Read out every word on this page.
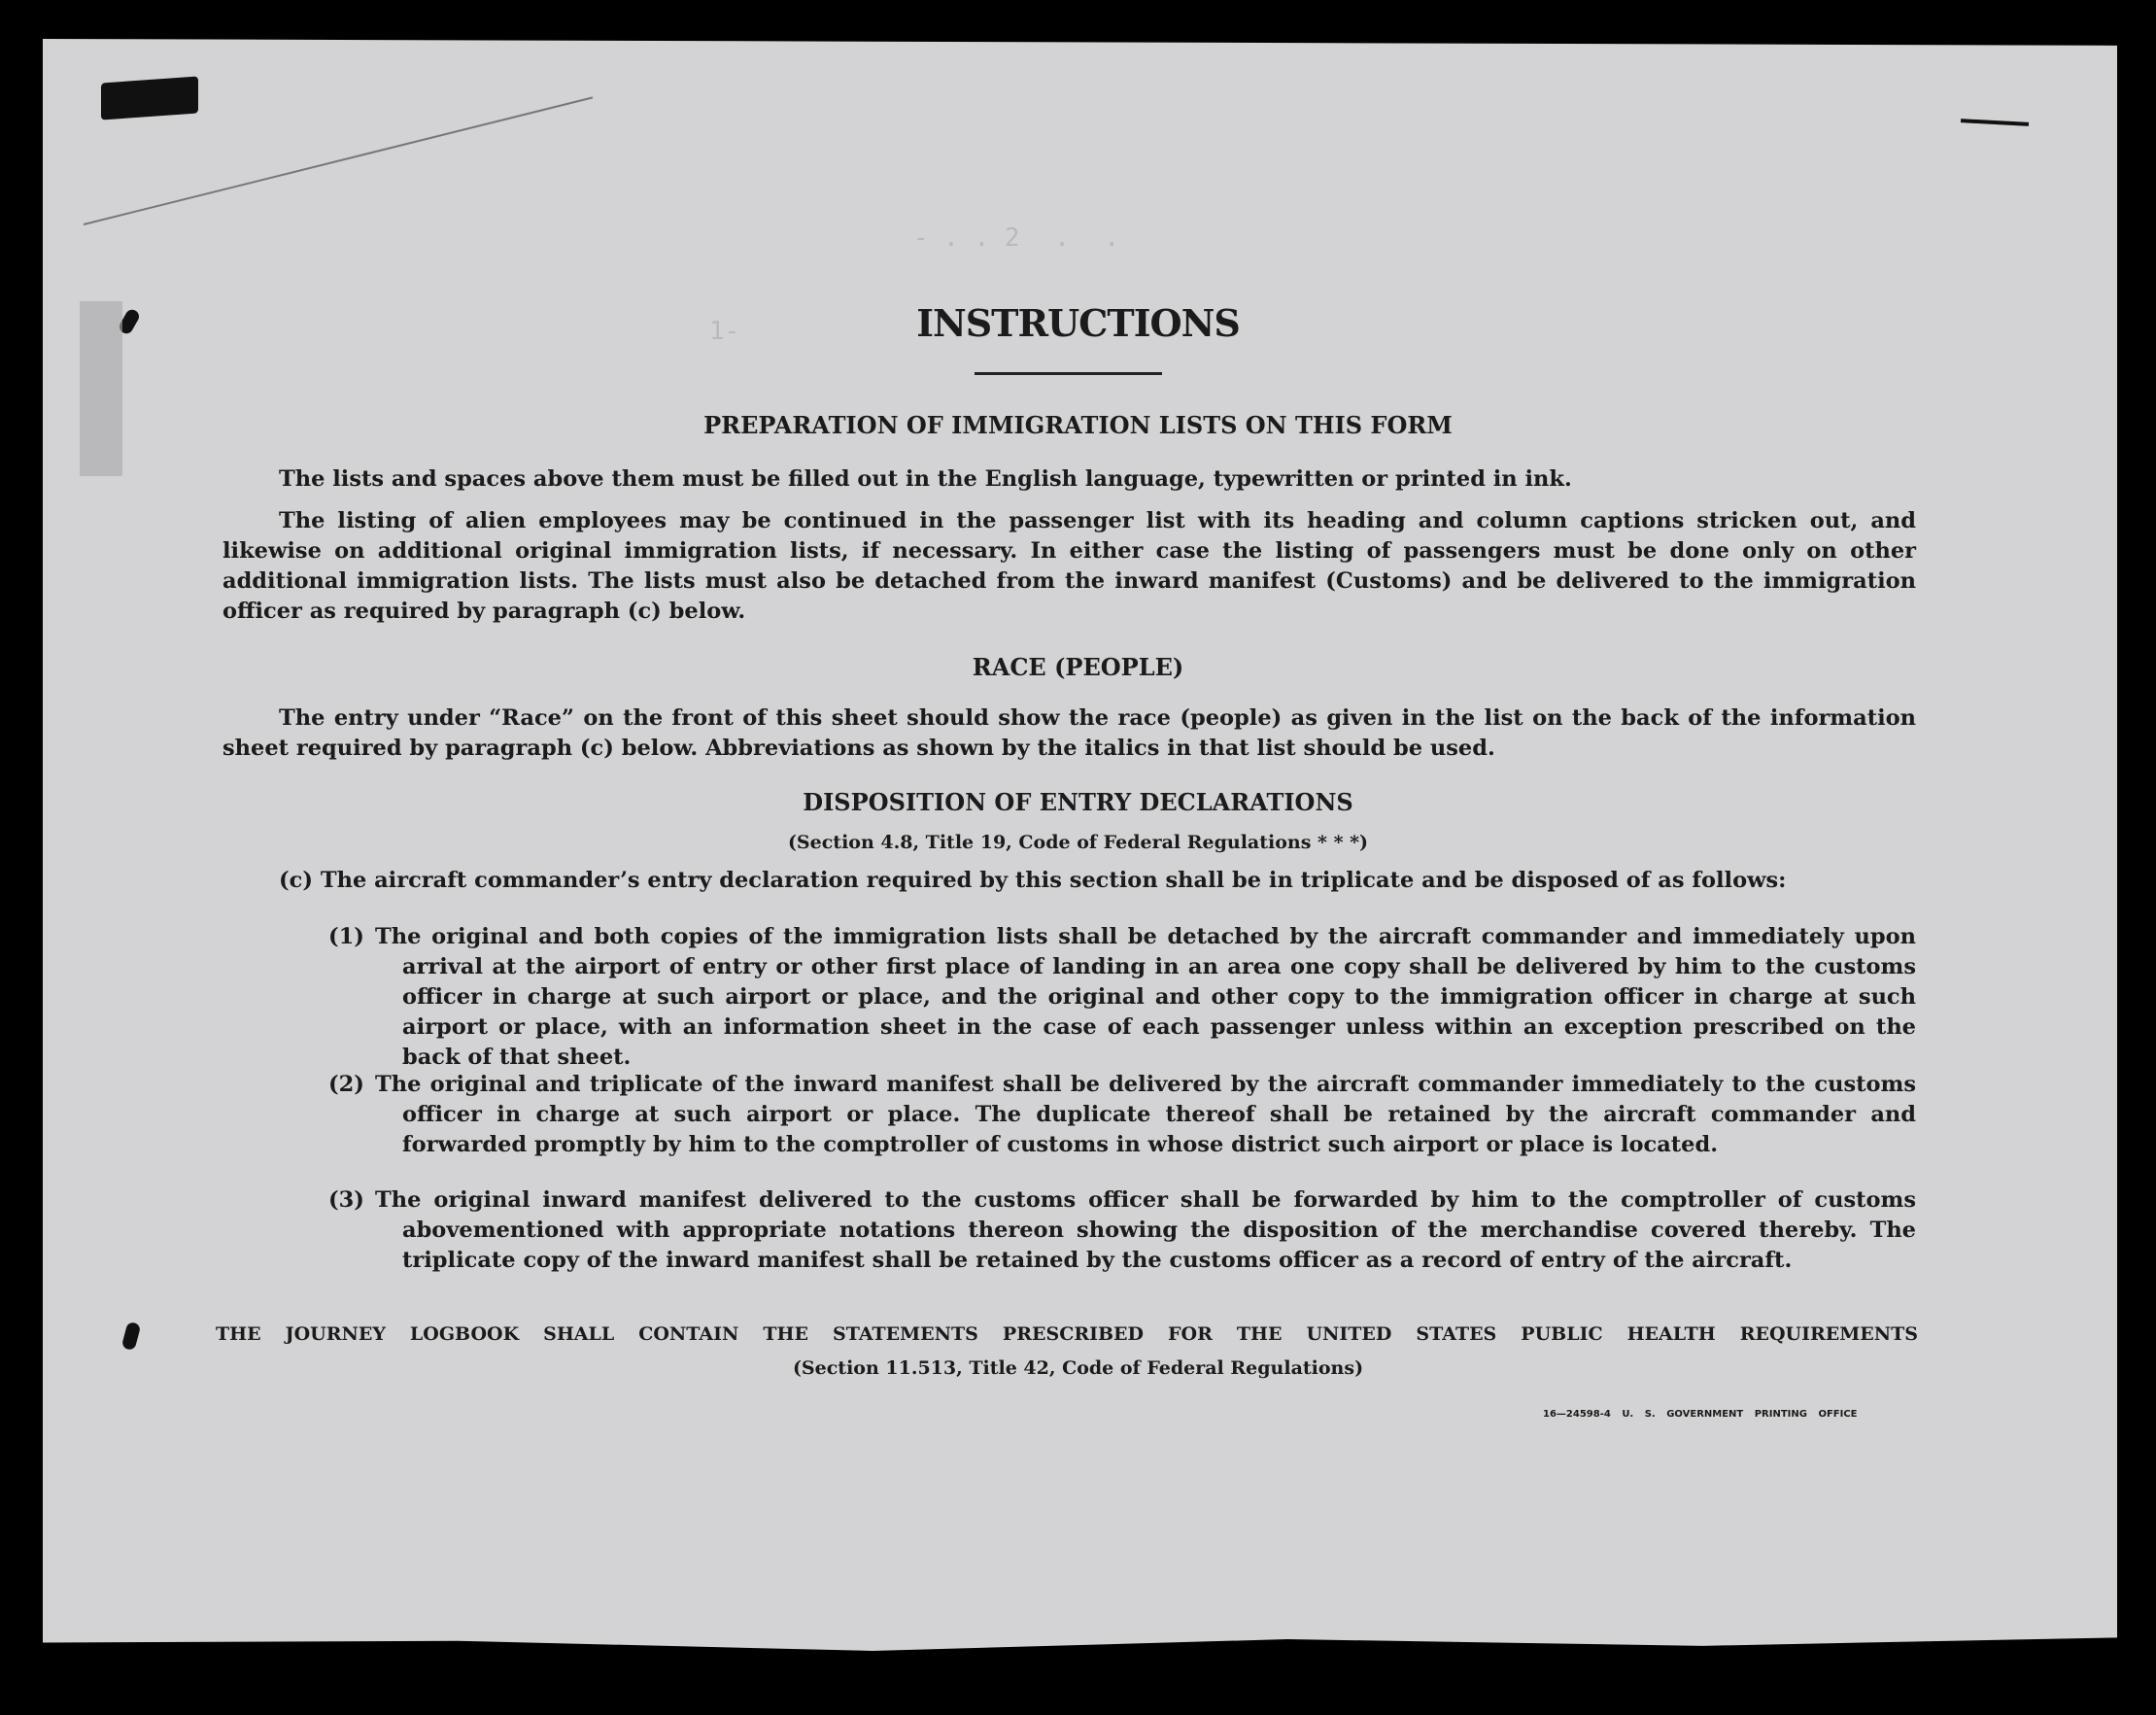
- . . 2 . .
1-	INSTRUCTIONS
PREPARATION OF IMMIGRATION LISTS ON THIS FORM
The lists and spaces above them must be filled out in the English language, typewritten or printed in ink.
The listing of alien employees may be continued in the passenger list with its heading and column captions stricken out, and likewise on additional original immigration lists, if necessary. In either case the listing of passengers must be done only on other additional immigration lists. The lists must also be detached from the inward manifest (Customs) and be delivered to the immigration officer as required by paragraph (c) below.
RACE (PEOPLE)
The entry under “Race” on the front of this sheet should show the race (people) as given in the list on the back of the information sheet required by paragraph (c) below. Abbreviations as shown by the italics in that list should be used.
DISPOSITION OF ENTRY DECLARATIONS
(Section 4.8, Title 19, Code of Federal Regulations * * *)
(c) The aircraft commander’s entry declaration required by this section shall be in triplicate and be disposed of as follows:
(1) The original and both copies of the immigration lists shall be detached by the aircraft commander and immediately upon arrival at the airport of entry or other first place of landing in an area one copy shall be delivered by him to the customs officer in charge at such airport or place, and the original and other copy to the immigration officer in charge at such airport or place, with an information sheet in the case of each passenger unless within an exception prescribed on the back of that sheet.
(2) The original and triplicate of the inward manifest shall be delivered by the aircraft commander immediately to the customs officer in charge at such airport or place. The duplicate thereof shall be retained by the aircraft commander and forwarded promptly by him to the comptroller of customs in whose district such airport or place is located.
(3) The original inward manifest delivered to the customs officer shall be forwarded by him to the comptroller of customs abovementioned with appropriate notations thereon showing the disposition of the merchandise covered thereby. The triplicate copy of the inward manifest shall be retained by the customs officer as a record of entry of the aircraft.
THE JOURNEY LOGBOOK SHALL CONTAIN THE STATEMENTS PRESCRIBED FOR THE UNITED STATES PUBLIC HEALTH REQUIREMENTS
(Section 11.513, Title 42, Code of Federal Regulations)
16—24598-4 U. S. GOVERNMENT PRINTING OFFICE
